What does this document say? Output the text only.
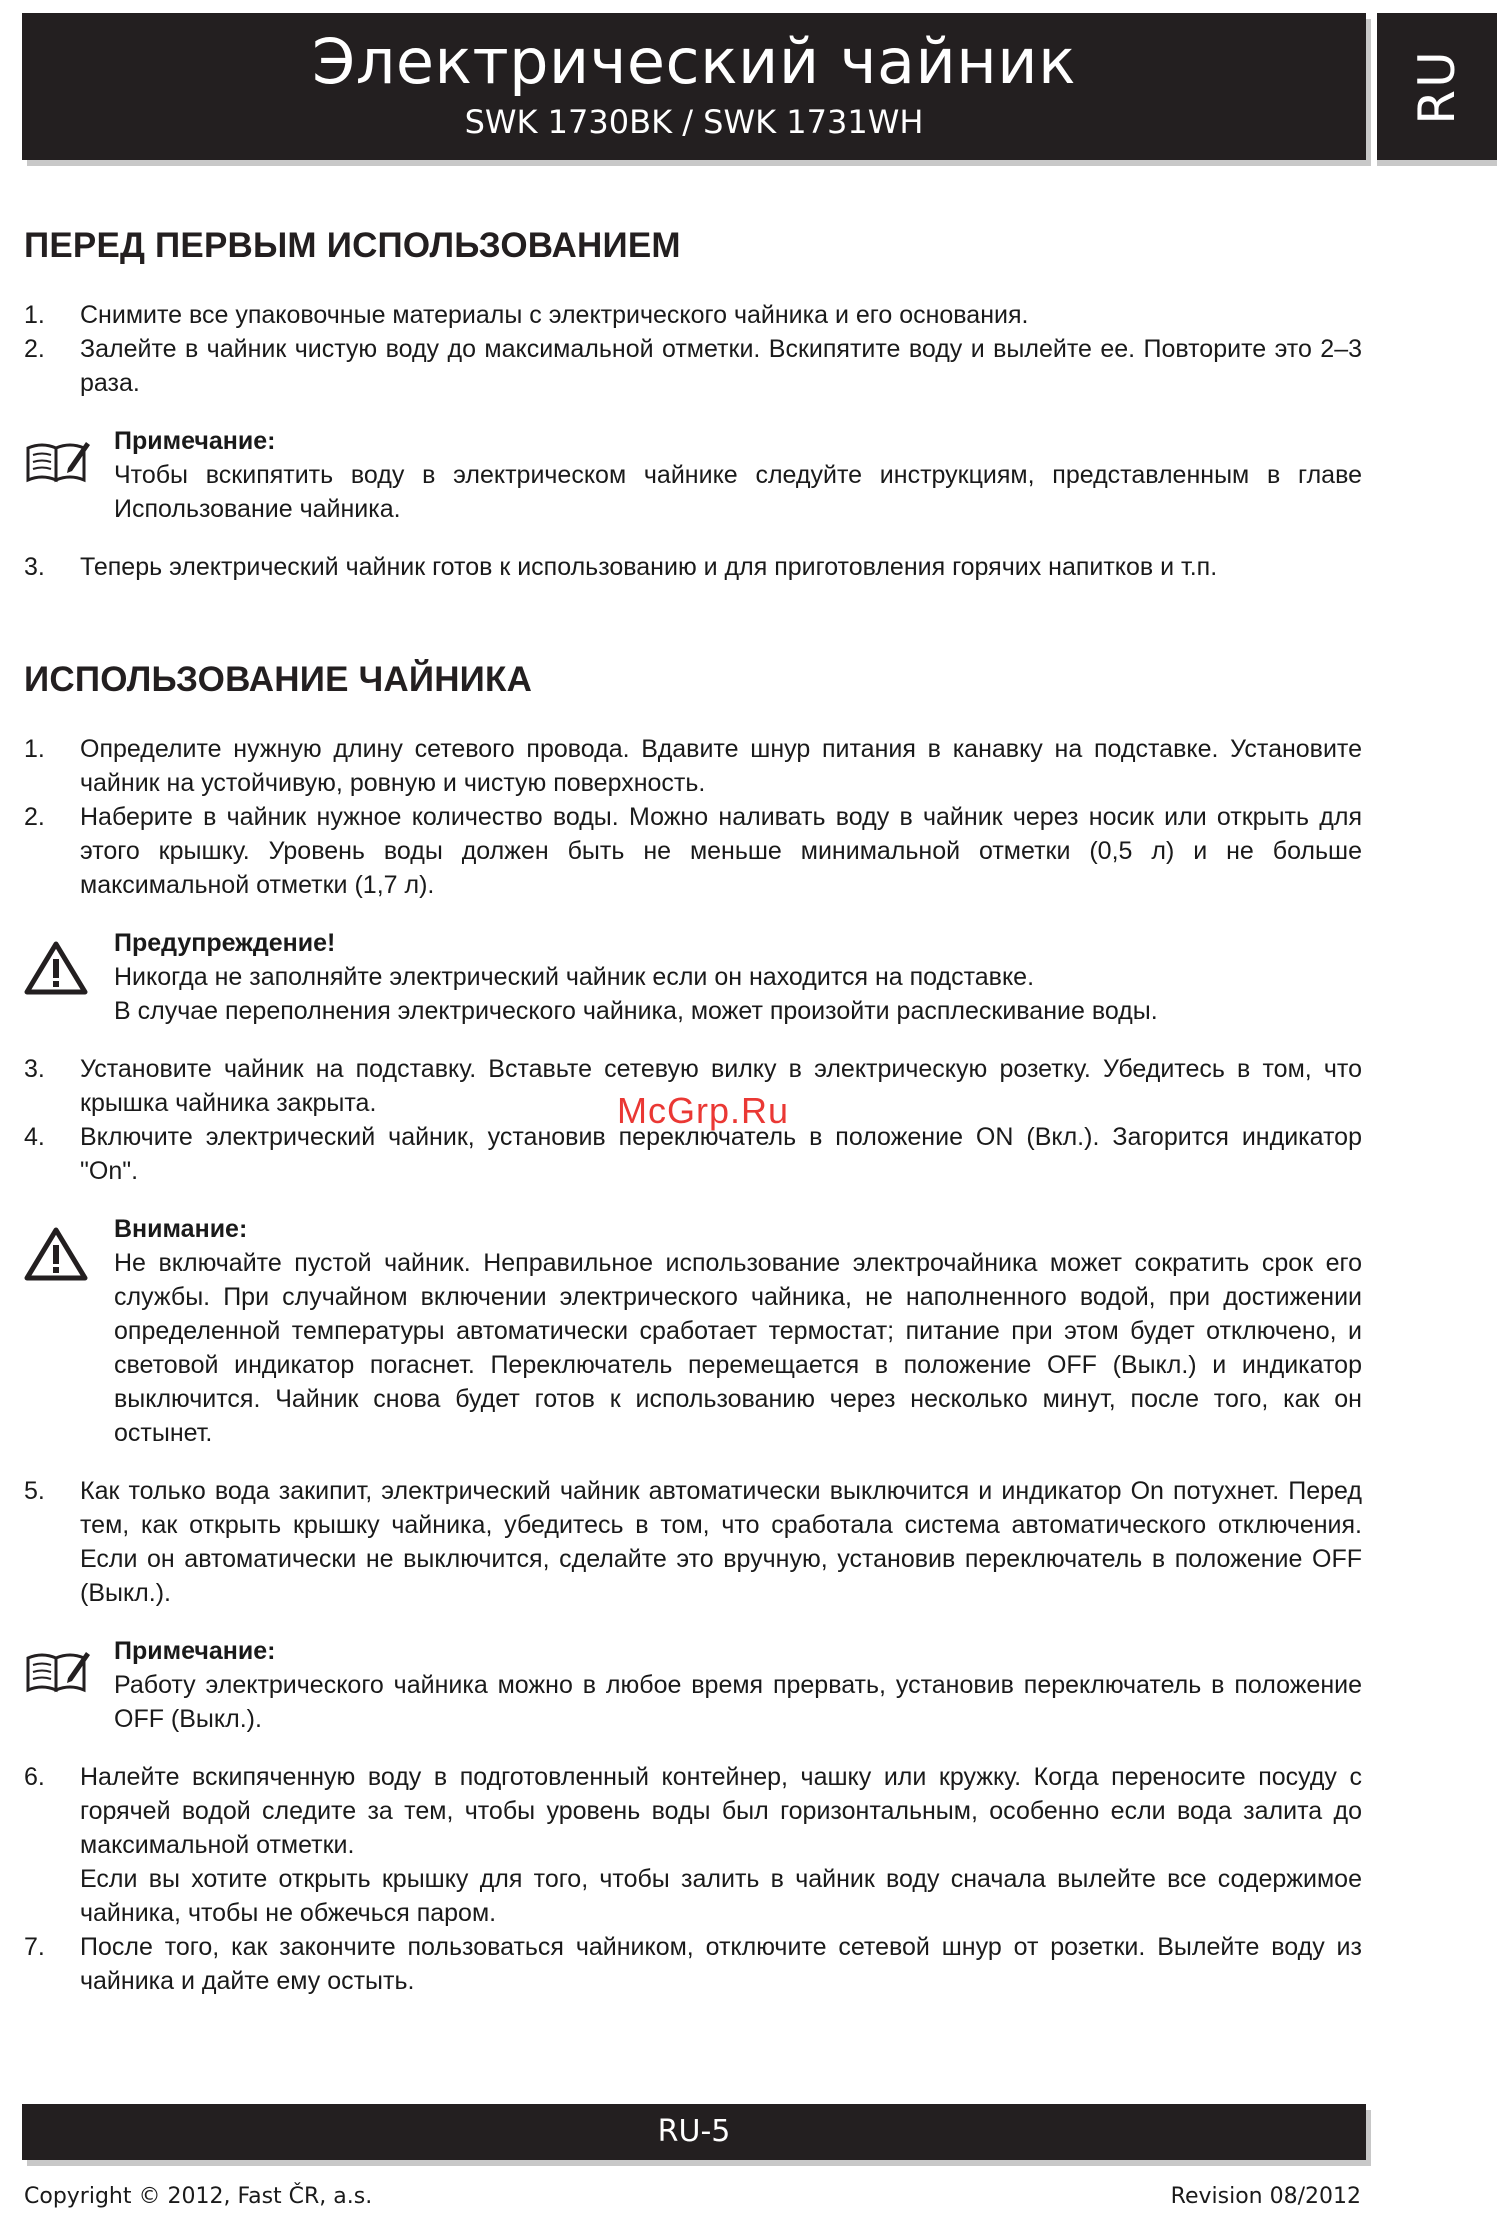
Электрический чайник
SWK 1730BK / SWK 1731WH	RU
ПЕРЕД ПЕРВЫМ ИСПОЛЬЗОВАНИЕМ
1.	Снимите все упаковочные материалы с электрического чайника и его основания.
2.	Залейте в чайник чистую воду до максимальной отметки. Вскипятите воду и вылейте ее. Повторите это 2–3 раза.
Примечание:
Чтобы вскипятить воду в электрическом чайнике следуйте инструкциям, представленным в главе Использование чайника.
3.	Теперь электрический чайник готов к использованию и для приготовления горячих напитков и т.п.
ИСПОЛЬЗОВАНИЕ ЧАЙНИКА
1.	Определите нужную длину сетевого провода. Вдавите шнур питания в канавку на подставке. Установите чайник на устойчивую, ровную и чистую поверхность.
2.	Наберите в чайник нужное количество воды. Можно наливать воду в чайник через носик или открыть для этого крышку. Уровень воды должен быть не меньше минимальной отметки (0,5 л) и не больше максимальной отметки (1,7 л).
Предупреждение!
Никогда не заполняйте электрический чайник если он находится на подставке.
В случае переполнения электрического чайника, может произойти расплескивание воды.
3.	Установите чайник на подставку. Вставьте сетевую вилку в электрическую розетку. Убедитесь в том, что крышка чайника закрыта.
4.	Включите электрический чайник, установив переключатель в положение ON (Вкл.). Загорится индикатор "On".
Внимание:
Не включайте пустой чайник. Неправильное использование электрочайника может сократить срок его службы. При случайном включении электрического чайника, не наполненного водой, при достижении определенной температуры автоматически сработает термостат; питание при этом будет отключено, и световой индикатор погаснет. Переключатель перемещается в положение OFF (Выкл.) и индикатор выключится. Чайник снова будет готов к использованию через несколько минут, после того, как он остынет.
5.	Как только вода закипит, электрический чайник автоматически выключится и индикатор On потухнет. Перед тем, как открыть крышку чайника, убедитесь в том, что сработала система автоматического отключения. Если он автоматически не выключится, сделайте это вручную, установив переключатель в положение OFF (Выкл.).
Примечание:
Работу электрического чайника можно в любое время прервать, установив переключатель в положение OFF (Выкл.).
6.	Налейте вскипяченную воду в подготовленный контейнер, чашку или кружку. Когда переносите посуду с горячей водой следите за тем, чтобы уровень воды был горизонтальным, особенно если вода залита до максимальной отметки.
Если вы хотите открыть крышку для того, чтобы залить в чайник воду сначала вылейте все содержимое чайника, чтобы не обжечься паром.
7.	После того, как закончите пользоваться чайником, отключите сетевой шнур от розетки. Вылейте воду из чайника и дайте ему остыть.
McGrp.Ru
RU-5
Copyright © 2012, Fast ČR, a.s.	Revision 08/2012
